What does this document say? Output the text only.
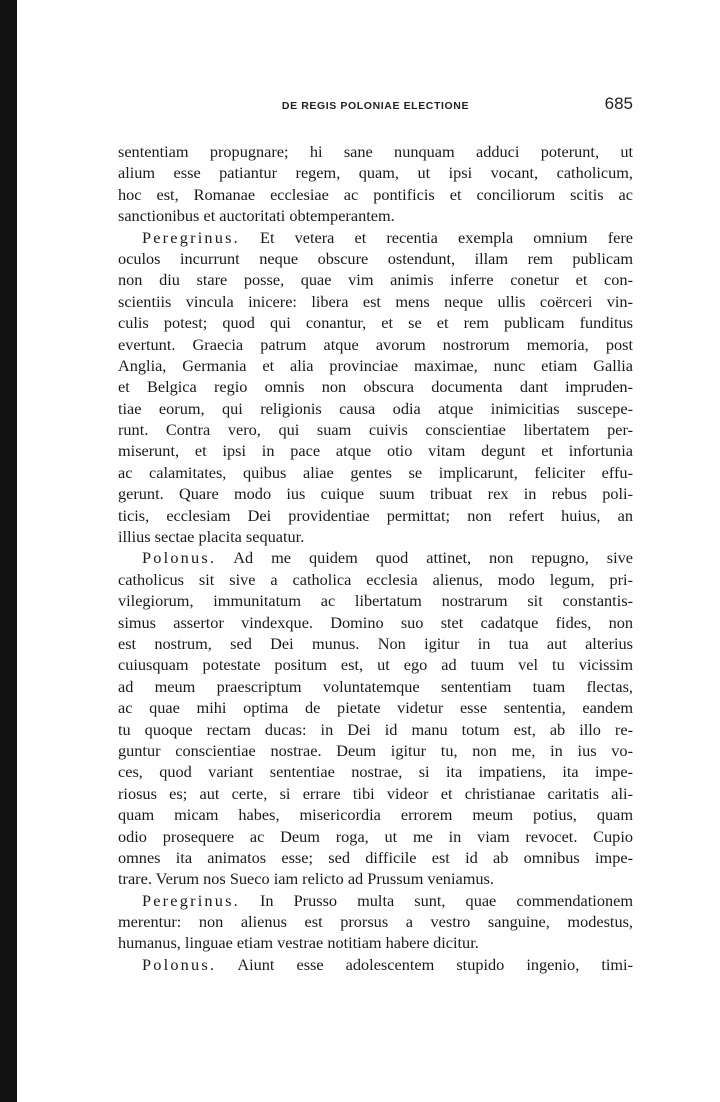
DE REGIS POLONIAE ELECTIONE	685
sententiam propugnare; hi sane nunquam adduci poterunt, ut
alium esse patiantur regem, quam, ut ipsi vocant, catholicum,
hoc est, Romanae ecclesiae ac pontificis et conciliorum scitis ac
sanctionibus et auctoritati obtemperantem.
Peregrinus. Et vetera et recentia exempla omnium fere
oculos incurrunt neque obscure ostendunt, illam rem publicam
non diu stare posse, quae vim animis inferre conetur et con-
scientiis vincula inicere: libera est mens neque ullis coërceri vin-
culis potest; quod qui conantur, et se et rem publicam funditus
evertunt. Graecia patrum atque avorum nostrorum memoria, post
Anglia, Germania et alia provinciae maximae, nunc etiam Gallia
et Belgica regio omnis non obscura documenta dant impruden-
tiae eorum, qui religionis causa odia atque inimicitias suscepe-
runt. Contra vero, qui suam cuivis conscientiae libertatem per-
miserunt, et ipsi in pace atque otio vitam degunt et infortunia
ac calamitates, quibus aliae gentes se implicarunt, feliciter effu-
gerunt. Quare modo ius cuique suum tribuat rex in rebus poli-
ticis, ecclesiam Dei providentiae permittat; non refert huius, an
illius sectae placita sequatur.
Polonus. Ad me quidem quod attinet, non repugno, sive
catholicus sit sive a catholica ecclesia alienus, modo legum, pri-
vilegiorum, immunitatum ac libertatum nostrarum sit constantis-
simus assertor vindexque. Domino suo stet cadatque fides, non
est nostrum, sed Dei munus. Non igitur in tua aut alterius
cuiusquam potestate positum est, ut ego ad tuum vel tu vicissim
ad meum praescriptum voluntatemque sententiam tuam flectas,
ac quae mihi optima de pietate videtur esse sententia, eandem
tu quoque rectam ducas: in Dei id manu totum est, ab illo re-
guntur conscientiae nostrae. Deum igitur tu, non me, in ius vo-
ces, quod variant sententiae nostrae, si ita impatiens, ita impe-
riosus es; aut certe, si errare tibi videor et christianae caritatis ali-
quam micam habes, misericordia errorem meum potius, quam
odio prosequere ac Deum roga, ut me in viam revocet. Cupio
omnes ita animatos esse; sed difficile est id ab omnibus impe-
trare. Verum nos Sueco iam relicto ad Prussum veniamus.
Peregrinus. In Prusso multa sunt, quae commendationem
merentur: non alienus est prorsus a vestro sanguine, modestus,
humanus, linguae etiam vestrae notitiam habere dicitur.
Polonus. Aiunt esse adolescentem stupido ingenio, timi-
